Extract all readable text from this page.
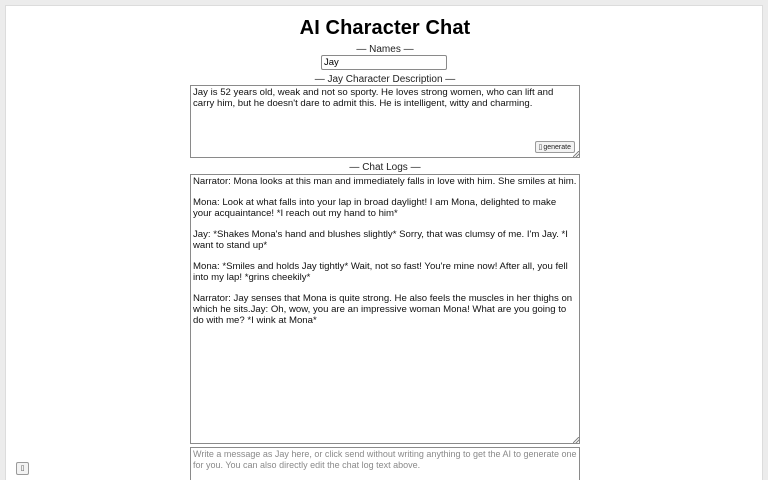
AI Character Chat
— Names —
Jay
— Jay Character Description —
Jay is 52 years old, weak and not so sporty. He loves strong women, who can lift and carry him, but he doesn't dare to admit this. He is intelligent, witty and charming.
▯generate
— Chat Logs —

Narrator: Mona looks at this man and immediately falls in love with him. She smiles at him.

Mona: Look at what falls into your lap in broad daylight! I am Mona, delighted to make your acquaintance! *I reach out my hand to him*

Jay: *Shakes Mona's hand and blushes slightly* Sorry, that was clumsy of me. I'm Jay. *I want to stand up*

Mona: *Smiles and holds Jay tightly* Wait, not so fast! You're mine now! After all, you fell into my lap! *grins cheekily*

Narrator: Jay senses that Mona is quite strong. He also feels the muscles in her thighs on which he sits.Jay: Oh, wow, you are an impressive woman Mona! What are you going to do with me? *I wink at Mona*

Write a message as Jay here, or click send without writing anything to get the AI to generate one for you. You can also directly edit the chat log text above.
▯
